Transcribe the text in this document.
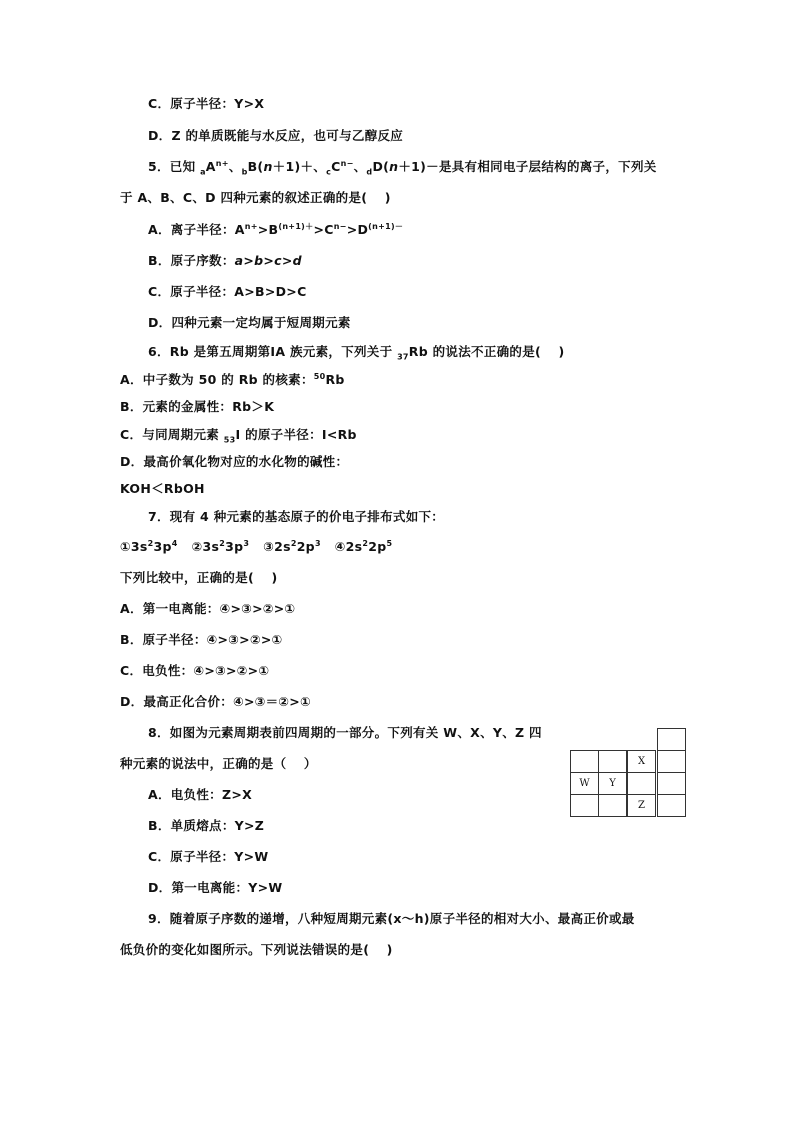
C．原子半径：Y>X
D．Z 的单质既能与水反应，也可与乙醇反应
5．已知 $_aA^{n+}$、$_b$B(n＋1)＋、$_cC^{n-}$、$_d$D(n＋1)－是具有相同电子层结构的离子，下列关
于 A、B、C、D 四种元素的叙述正确的是(　 )
A．离子半径：$A^{n+}>B^{(n+1)+}>C^{n-}>D^{(n+1)-}$
B．原子序数：a>b>c>d
C．原子半径：A>B>D>C
D．四种元素一定均属于短周期元素
6．Rb 是第五周期第ⅠA 族元素，下列关于 $_{37}$Rb 的说法不正确的是(　 )
A．中子数为 50 的 Rb 的核素：$^{50}$Rb
B．元素的金属性：Rb＞K
C．与同周期元素 $_{53}$I 的原子半径：I<Rb
D．最高价氧化物对应的水化物的碱性：
KOH＜RbOH
7．现有 4 种元素的基态原子的价电子排布式如下：
$①3s^23p^4$ $②3s^23p^3$ $③2s^22p^3$ $④2s^22p^5$
下列比较中，正确的是(　 )
A．第一电离能：④>③>②>①
B．原子半径：④>③>②>①
C．电负性：④>③>②>①
D．最高正化合价：④>③＝②>①
8．如图为元素周期表前四周期的一部分。下列有关 W、X、Y、Z 四
种元素的说法中，正确的是（　 ）
A．电负性：Z>X
B．单质熔点：Y>Z
C．原子半径：Y>W
D．第一电离能：Y>W
X
W	Y
Z
9．随着原子序数的递增，八种短周期元素(x～h)原子半径的相对大小、最高正价或最
低负价的变化如图所示。下列说法错误的是(　 )
